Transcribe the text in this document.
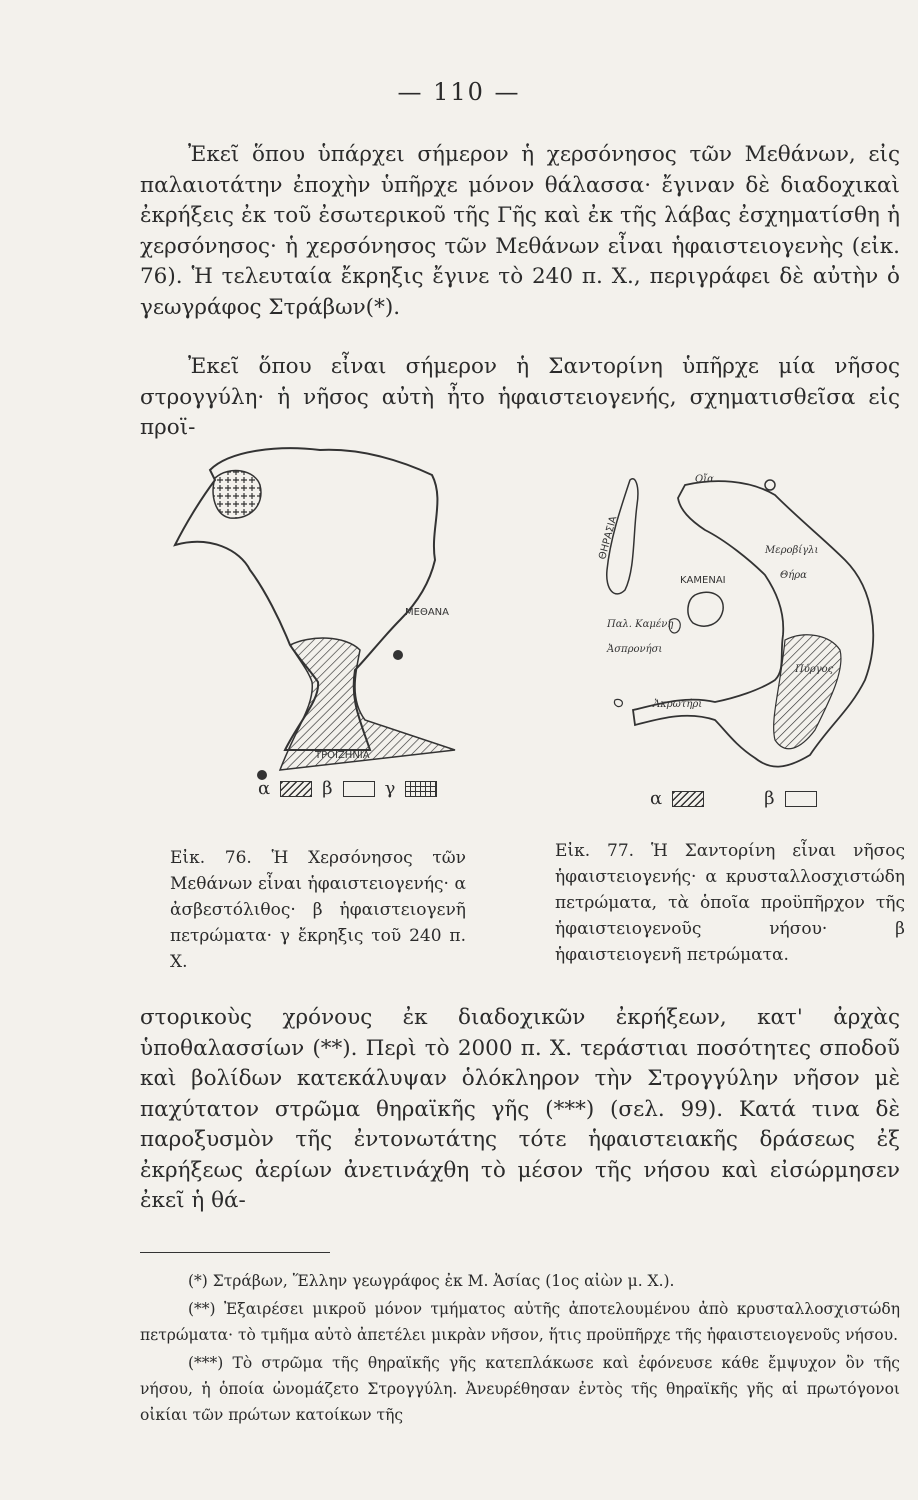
— 110 —

Ἐκεῖ ὅπου ὑπάρχει σήμερον ἡ χερσόνησος τῶν Μεθάνων, εἰς παλαιοτάτην ἐποχὴν ὑπῆρχε μόνον θάλασσα· ἔγιναν δὲ διαδοχικαὶ ἐκρήξεις ἐκ τοῦ ἐσωτερικοῦ τῆς Γῆς καὶ ἐκ τῆς λάβας ἐσχηματίσθη ἡ χερσόνησος· ἡ χερσόνησος τῶν Μεθάνων εἶναι ἡφαιστειογενὴς (εἰκ. 76). Ἡ τελευταία ἔκρηξις ἔγινε τὸ 240 π. Χ., περιγράφει δὲ αὐτὴν ὁ γεωγράφος Στράβων(*).

Ἐκεῖ ὅπου εἶναι σήμερον ἡ Σαντορίνη ὑπῆρχε μία νῆσος στρογγύλη· ἡ νῆσος αὐτὴ ἦτο ἡφαιστειογενής, σχηματισθεῖσα εἰς προϊ-

ΜΕΘΑΝΑ
ΤΡΟΙΖΗΝΙΑ
α	β	γ

Εἰκ. 76. Ἡ Χερσόνησος τῶν Μεθάνων εἶναι ἡφαιστειογενής· α ἀσβεστόλιθος· β ἡφαιστειογενῆ πετρώματα· γ ἔκρηξις τοῦ 240 π. Χ.

Οἴα
ΘΗΡΑΣΙΑ
ΚΑΜΕΝΑΙ
Παλ. Καμένη
Ἀσπρονήσι
Ἀκρωτήρι
Μεροβίγλι
Θήρα
Πύργος
α	β

Εἰκ. 77. Ἡ Σαντορίνη εἶναι νῆσος ἡφαιστειογενής· α κρυσταλλοσχιστώδη πετρώματα, τὰ ὁποῖα προϋπῆρχον τῆς ἡφαιστειογενοῦς νήσου· β ἡφαιστειογενῆ πετρώματα.

στορικοὺς χρόνους ἐκ διαδοχικῶν ἐκρήξεων, κατ' ἀρχὰς ὑποθαλασσίων (**). Περὶ τὸ 2000 π. Χ. τεράστιαι ποσότητες σποδοῦ καὶ βολίδων κατεκάλυψαν ὁλόκληρον τὴν Στρογγύλην νῆσον μὲ παχύτατον στρῶμα θηραϊκῆς γῆς (***) (σελ. 99). Κατά τινα δὲ παροξυσμὸν τῆς ἐντονωτάτης τότε ἡφαιστειακῆς δράσεως ἐξ ἐκρήξεως ἀερίων ἀνετινάχθη τὸ μέσον τῆς νήσου καὶ εἰσώρμησεν ἐκεῖ ἡ θά-

(*) Στράβων, Ἕλλην γεωγράφος ἐκ Μ. Ἀσίας (1ος αἰὼν μ. Χ.).

(**) Ἐξαιρέσει μικροῦ μόνον τμήματος αὐτῆς ἀποτελουμένου ἀπὸ κρυσταλλοσχιστώδη πετρώματα· τὸ τμῆμα αὐτὸ ἀπετέλει μικρὰν νῆσον, ἥτις προϋπῆρχε τῆς ἡφαιστειογενοῦς νήσου.

(***) Τὸ στρῶμα τῆς θηραϊκῆς γῆς κατεπλάκωσε καὶ ἐφόνευσε κάθε ἔμψυχον ὂν τῆς νήσου, ἡ ὁποία ὠνομάζετο Στρογγύλη. Ἀνευρέθησαν ἐντὸς τῆς θηραϊκῆς γῆς αἱ πρωτόγονοι οἰκίαι τῶν πρώτων κατοίκων τῆς
